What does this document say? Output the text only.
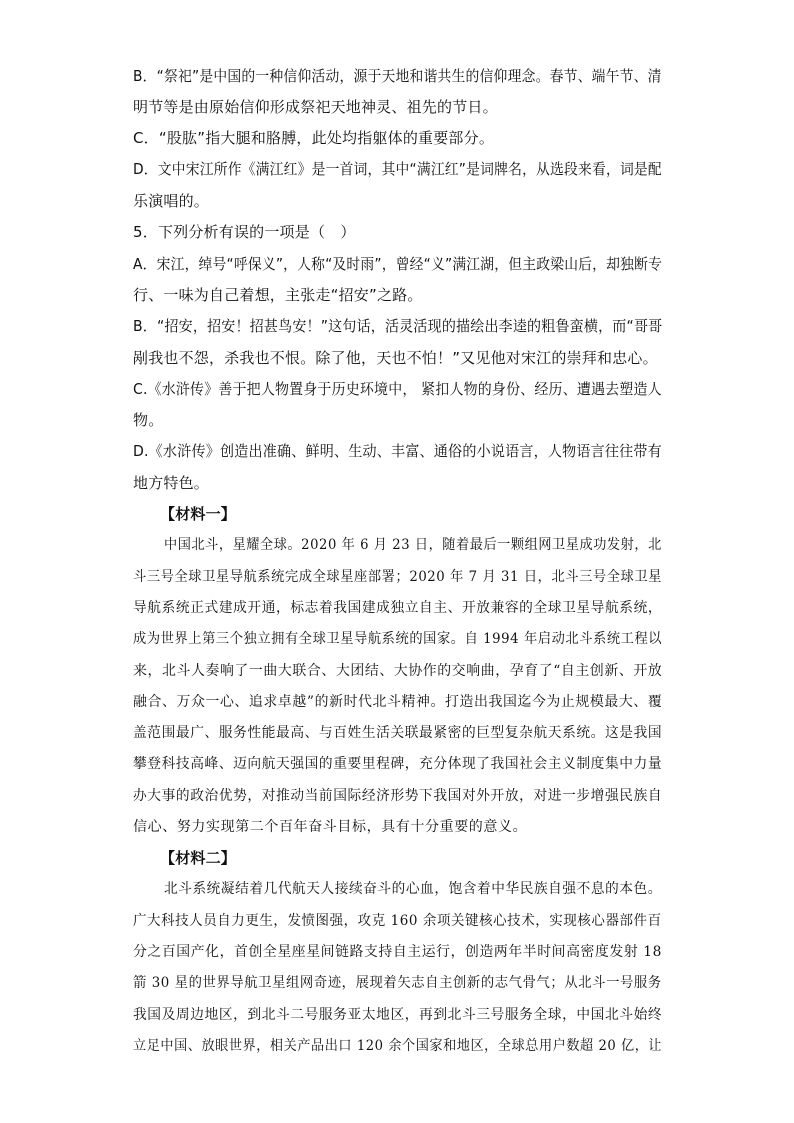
B．“祭祀”是中国的一种信仰活动，源于天地和谐共生的信仰理念。春节、端午节、清
明节等是由原始信仰形成祭祀天地神灵、祖先的节日。
C．“股肱”指大腿和胳膊，此处均指躯体的重要部分。
D．文中宋江所作《满江红》是一首词，其中“满江红”是词牌名，从选段来看，词是配
乐演唱的。
5．下列分析有误的一项是（　）
A．宋江，绰号“呼保义”，人称“及时雨”，曾经“义”满江湖，但主政梁山后，却独断专
行、一味为自己着想，主张走“招安”之路。
B．“招安，招安！招甚鸟安！”这句话，活灵活现的描绘出李逵的粗鲁蛮横，而“哥哥
剐我也不怨，杀我也不恨。除了他，天也不怕！”又见他对宋江的崇拜和忠心。
C.《水浒传》善于把人物置身于历史环境中， 紧扣人物的身份、经历、遭遇去塑造人
物。
D.《水浒传》创造出准确、鲜明、生动、丰富、通俗的小说语言，人物语言往往带有
地方特色。
【材料一】
中国北斗，星耀全球。2020 年 6 月 23 日，随着最后一颗组网卫星成功发射，北
斗三号全球卫星导航系统完成全球星座部署；2020 年 7 月 31 日，北斗三号全球卫星
导航系统正式建成开通，标志着我国建成独立自主、开放兼容的全球卫星导航系统，
成为世界上第三个独立拥有全球卫星导航系统的国家。自 1994 年启动北斗系统工程以
来，北斗人奏响了一曲大联合、大团结、大协作的交响曲，孕育了“自主创新、开放
融合、万众一心、追求卓越”的新时代北斗精神。打造出我国迄今为止规模最大、覆
盖范围最广、服务性能最高、与百姓生活关联最紧密的巨型复杂航天系统。这是我国
攀登科技高峰、迈向航天强国的重要里程碑，充分体现了我国社会主义制度集中力量
办大事的政治优势，对推动当前国际经济形势下我国对外开放，对进一步增强民族自
信心、努力实现第二个百年奋斗目标，具有十分重要的意义。
【材料二】
北斗系统凝结着几代航天人接续奋斗的心血，饱含着中华民族自强不息的本色。
广大科技人员自力更生，发愤图强，攻克 160 余项关键核心技术，实现核心器部件百
分之百国产化，首创全星座星间链路支持自主运行，创造两年半时间高密度发射 18
箭 30 星的世界导航卫星组网奇迹，展现着矢志自主创新的志气骨气；从北斗一号服务
我国及周边地区，到北斗二号服务亚太地区，再到北斗三号服务全球，中国北斗始终
立足中国、放眼世界，相关产品出口 120 余个国家和地区，全球总用户数超 20 亿，让
